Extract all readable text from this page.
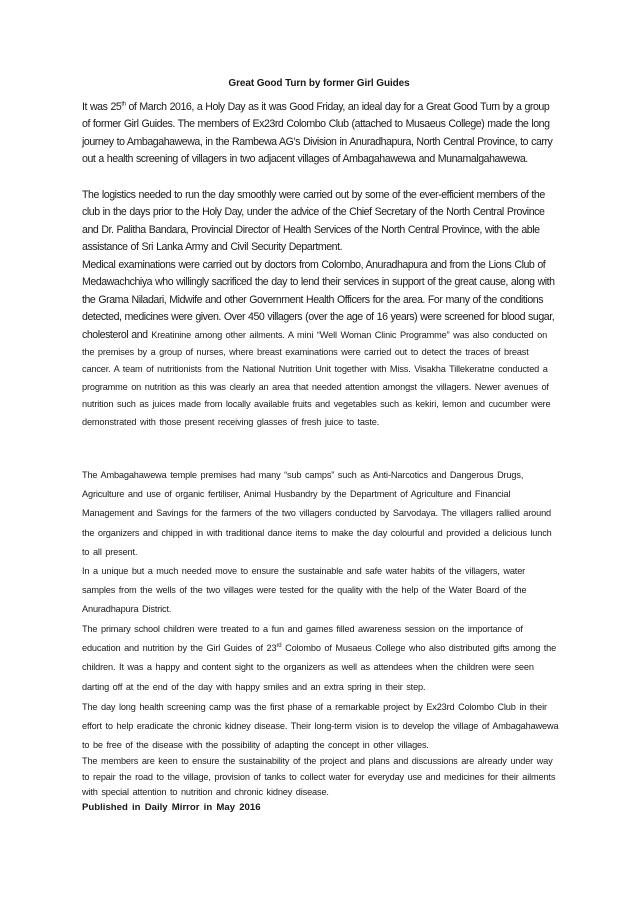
Great Good Turn by former Girl Guides

It was 25th of March 2016, a Holy Day as it was Good Friday, an ideal day for a Great Good Turn by a group of former Girl Guides. The members of Ex23rd Colombo Club (attached to Musaeus College) made the long journey to Ambagahawewa, in the Rambewa AG’s Division in Anuradhapura, North Central Province, to carry out a health screening of villagers in two adjacent villages of Ambagahawewa and Munamalgahawewa.

The logistics needed to run the day smoothly were carried out by some of the ever-efficient members of the club in the days prior to the Holy Day, under the advice of the Chief Secretary of the North Central Province and Dr. Palitha Bandara, Provincial Director of Health Services of the North Central Province, with the able assistance of Sri Lanka Army and Civil Security Department.

Medical examinations were carried out by doctors from Colombo, Anuradhapura and from the Lions Club of Medawachchiya who willingly sacrificed the day to lend their services in support of the great cause, along with the Grama Niladari, Midwife and other Government Health Officers for the area. For many of the conditions detected, medicines were given. Over 450 villagers (over the age of 16 years) were screened for blood sugar, cholesterol and Kreatinine among other ailments. A mini “Well Woman Clinic Programme” was also conducted on the premises by a group of nurses, where breast examinations were carried out to detect the traces of breast cancer. A team of nutritionists from the National Nutrition Unit together with Miss. Visakha Tillekeratne conducted a programme on nutrition as this was clearly an area that needed attention amongst the villagers. Newer avenues of nutrition such as juices made from locally available fruits and vegetables such as kekiri, lemon and cucumber were demonstrated with those present receiving glasses of fresh juice to taste.

The Ambagahawewa temple premises had many “sub camps” such as Anti-Narcotics and Dangerous Drugs, Agriculture and use of organic fertiliser, Animal Husbandry by the Department of Agriculture and Financial Management and Savings for the farmers of the two villagers conducted by Sarvodaya. The villagers rallied around the organizers and chipped in with traditional dance items to make the day colourful and provided a delicious lunch to all present.

In a unique but a much needed move to ensure the sustainable and safe water habits of the villagers, water samples from the wells of the two villages were tested for the quality with the help of the Water Board of the Anuradhapura District.

The primary school children were treated to a fun and games filled awareness session on the importance of education and nutrition by the Girl Guides of 23rd Colombo of Musaeus College who also distributed gifts among the children. It was a happy and content sight to the organizers as well as attendees when the children were seen darting off at the end of the day with happy smiles and an extra spring in their step.

The day long health screening camp was the first phase of a remarkable project by Ex23rd Colombo Club in their effort to help eradicate the chronic kidney disease. Their long-term vision is to develop the village of Ambagahawewa to be free of the disease with the possibility of adapting the concept in other villages.

The members are keen to ensure the sustainability of the project and plans and discussions are already under way to repair the road to the village, provision of tanks to collect water for everyday use and medicines for their ailments with special attention to nutrition and chronic kidney disease.

Published in Daily Mirror in May 2016
